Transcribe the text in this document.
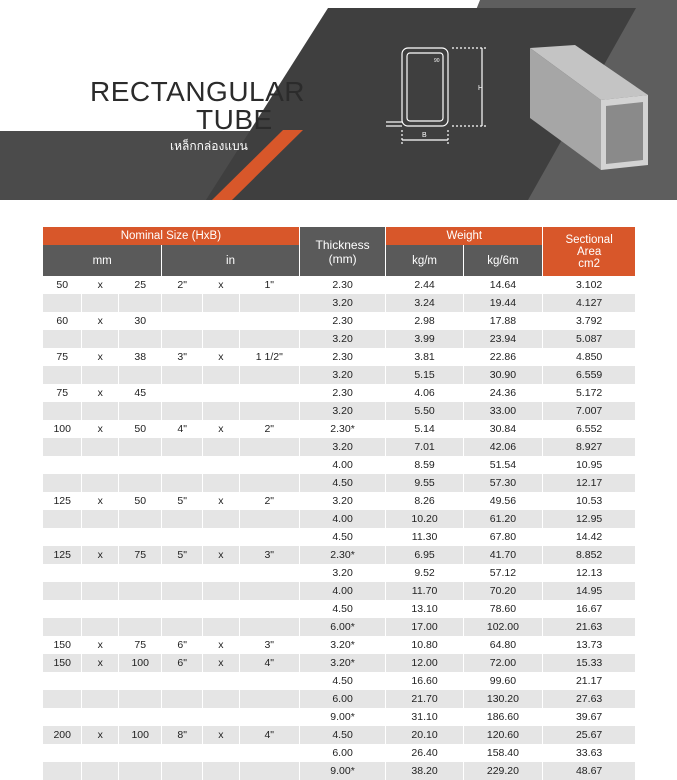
H
B
90
RECTANGULAR
TUBE
เหล็กกล่องแบน
Nominal Size (HxB)						Thickness
(mm)	Weight		Sectional
Area
cm2
mm			in				kg/m	kg/6m	
50	x	25	2"	x	1"	2.30	2.44	14.64	3.102
						3.20	3.24	19.44	4.127
60	x	30				2.30	2.98	17.88	3.792
						3.20	3.99	23.94	5.087
75	x	38	3"	x	1 1/2"	2.30	3.81	22.86	4.850
						3.20	5.15	30.90	6.559
75	x	45				2.30	4.06	24.36	5.172
						3.20	5.50	33.00	7.007
100	x	50	4"	x	2"	2.30*	5.14	30.84	6.552
						3.20	7.01	42.06	8.927
						4.00	8.59	51.54	10.95
						4.50	9.55	57.30	12.17
125	x	50	5"	x	2"	3.20	8.26	49.56	10.53
						4.00	10.20	61.20	12.95
						4.50	11.30	67.80	14.42
125	x	75	5"	x	3"	2.30*	6.95	41.70	8.852
						3.20	9.52	57.12	12.13
						4.00	11.70	70.20	14.95
						4.50	13.10	78.60	16.67
						6.00*	17.00	102.00	21.63
150	x	75	6"	x	3"	3.20*	10.80	64.80	13.73
150	x	100	6"	x	4"	3.20*	12.00	72.00	15.33
						4.50	16.60	99.60	21.17
						6.00	21.70	130.20	27.63
						9.00*	31.10	186.60	39.67
200	x	100	8"	x	4"	4.50	20.10	120.60	25.67
						6.00	26.40	158.40	33.63
						9.00*	38.20	229.20	48.67
